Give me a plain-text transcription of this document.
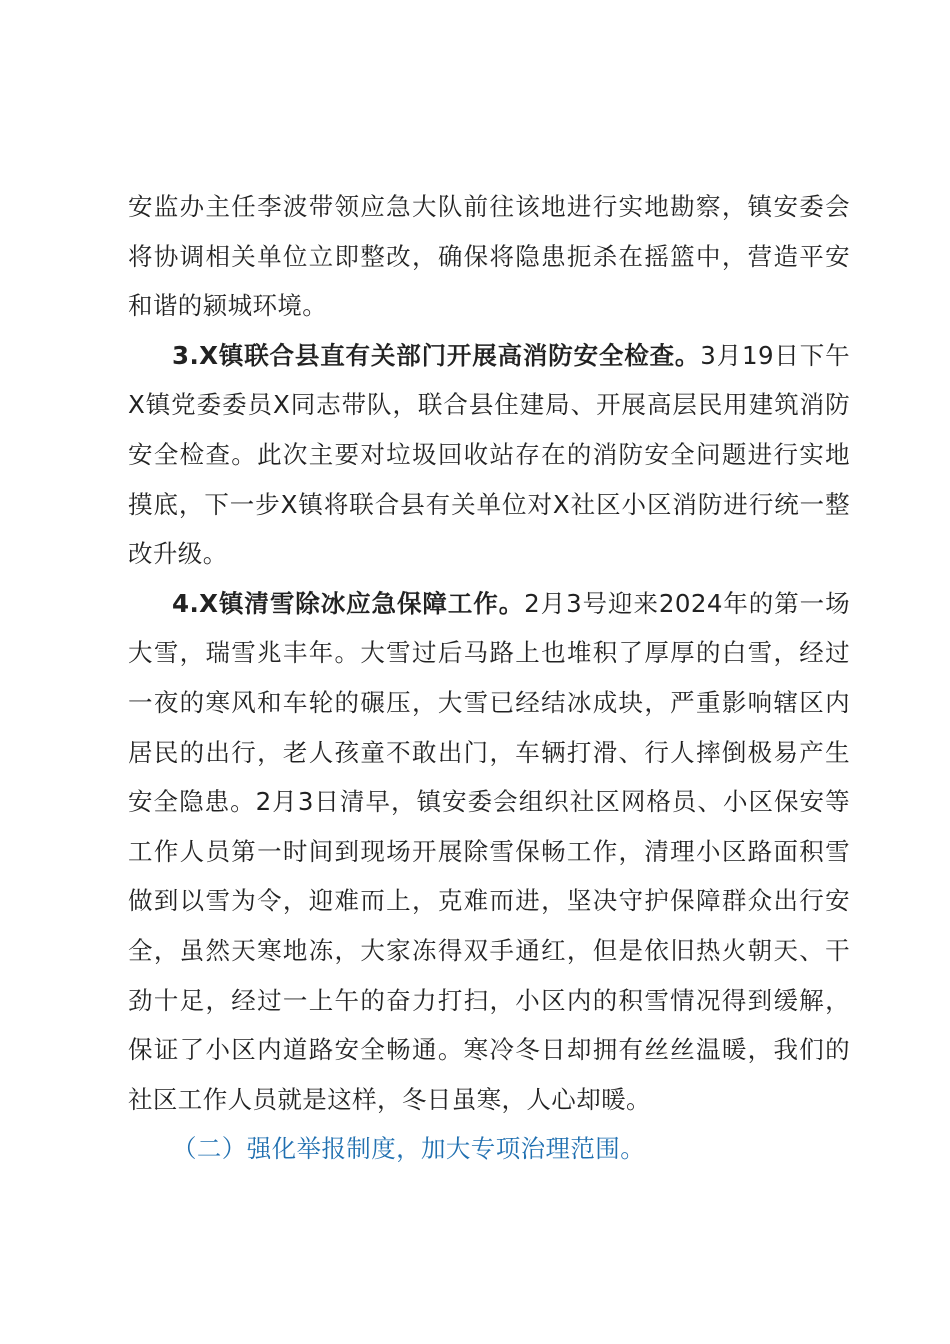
安监办主任李波带领应急大队前往该地进行实地勘察，镇安委会将协调相关单位立即整改，确保将隐患扼杀在摇篮中，营造平安和谐的颍城环境。

3.X镇联合县直有关部门开展高消防安全检查。3月19日下午X镇党委委员X同志带队，联合县住建局、开展高层民用建筑消防安全检查。此次主要对垃圾回收站存在的消防安全问题进行实地摸底，下一步X镇将联合县有关单位对X社区小区消防进行统一整改升级。

4.X镇清雪除冰应急保障工作。2月3号迎来2024年的第一场大雪，瑞雪兆丰年。大雪过后马路上也堆积了厚厚的白雪，经过一夜的寒风和车轮的碾压，大雪已经结冰成块，严重影响辖区内居民的出行，老人孩童不敢出门，车辆打滑、行人摔倒极易产生安全隐患。2月3日清早，镇安委会组织社区网格员、小区保安等工作人员第一时间到现场开展除雪保畅工作，清理小区路面积雪做到以雪为令，迎难而上，克难而进，坚决守护保障群众出行安全，虽然天寒地冻，大家冻得双手通红，但是依旧热火朝天、干劲十足，经过一上午的奋力打扫，小区内的积雪情况得到缓解，保证了小区内道路安全畅通。寒冷冬日却拥有丝丝温暖，我们的社区工作人员就是这样，冬日虽寒，人心却暖。

（二）强化举报制度，加大专项治理范围。
